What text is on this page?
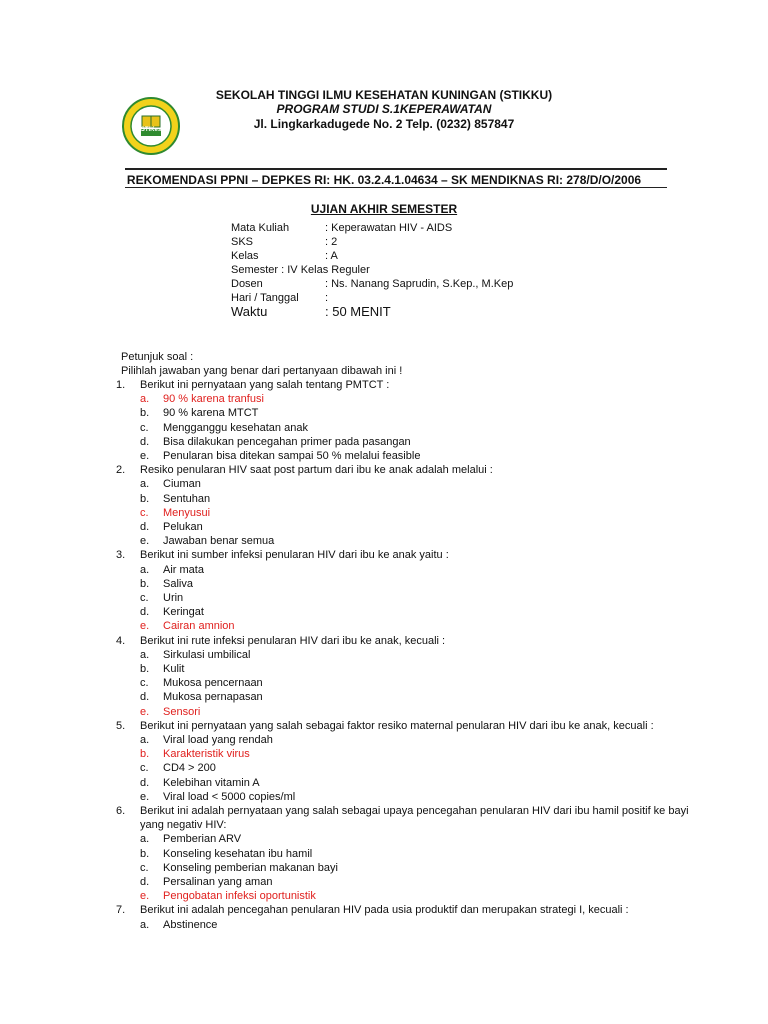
STIKes
SEKOLAH TINGGI ILMU KESEHATAN KUNINGAN (STIKKU)
PROGRAM STUDI S.1KEPERAWATAN
Jl. Lingkarkadugede No. 2 Telp. (0232) 857847
REKOMENDASI PPNI – DEPKES RI: HK. 03.2.4.1.04634 – SK MENDIKNAS RI: 278/D/O/2006
UJIAN AKHIR SEMESTER
Mata Kuliah	: Keperawatan HIV - AIDS
SKS	: 2
Kelas	: A
Semester : IV Kelas Reguler
Dosen	: Ns. Nanang Saprudin, S.Kep., M.Kep
Hari / Tanggal :
Waktu	: 50 MENIT
Petunjuk soal :
Pilihlah jawaban yang benar dari pertanyaan dibawah ini !
1.	Berikut ini pernyataan yang salah tentang PMTCT :
a. 90 % karena tranfusi
b. 90 % karena MTCT
c. Mengganggu kesehatan anak
d. Bisa dilakukan pencegahan primer pada pasangan
e. Penularan bisa ditekan sampai 50 % melalui feasible
2.	Resiko penularan HIV saat post partum dari ibu ke anak adalah melalui :
a. Ciuman
b. Sentuhan
c. Menyusui
d. Pelukan
e. Jawaban benar semua
3.	Berikut ini sumber infeksi penularan HIV dari ibu ke anak yaitu :
a. Air mata
b. Saliva
c. Urin
d. Keringat
e. Cairan amnion
4.	Berikut ini rute infeksi penularan HIV dari ibu ke anak, kecuali :
a. Sirkulasi umbilical
b. Kulit
c. Mukosa pencernaan
d. Mukosa pernapasan
e. Sensori
5.	Berikut ini pernyataan yang salah sebagai faktor resiko maternal penularan HIV dari ibu ke anak, kecuali :
a. Viral load yang rendah
b. Karakteristik virus
c. CD4 > 200
d. Kelebihan vitamin A
e. Viral load < 5000 copies/ml
6.	Berikut ini adalah pernyataan yang salah sebagai upaya pencegahan penularan HIV dari ibu hamil positif ke bayi
yang negativ HIV:
a. Pemberian ARV
b. Konseling kesehatan ibu hamil
c. Konseling pemberian makanan bayi
d. Persalinan yang aman
e. Pengobatan infeksi oportunistik
7.	Berikut ini adalah pencegahan penularan HIV pada usia produktif dan merupakan strategi I, kecuali :
a. Abstinence
